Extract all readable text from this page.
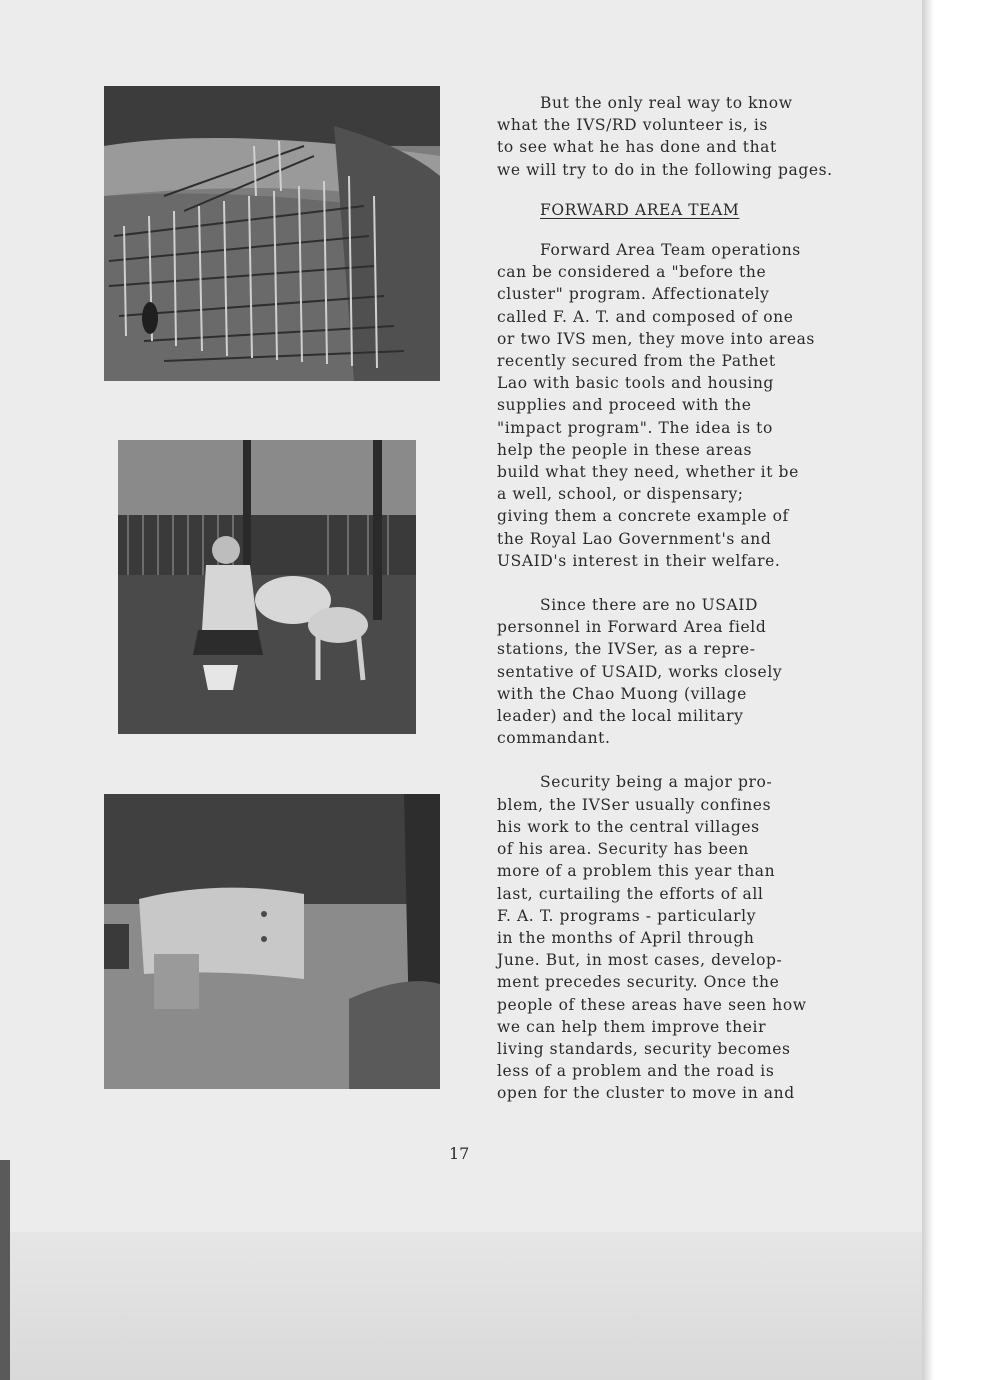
But the only real way to know
what the IVS/RD volunteer is, is
to see what he has done and that
we will try to do in the following pages.

FORWARD AREA TEAM

Forward Area Team operations
can be considered a "before the
cluster" program. Affectionately
called F. A. T. and composed of one
or two IVS men, they move into areas
recently secured from the Pathet
Lao with basic tools and housing
supplies and proceed with the
"impact program". The idea is to
help the people in these areas
build what they need, whether it be
a well, school, or dispensary;
giving them a concrete example of
the Royal Lao Government's and
USAID's interest in their welfare.

Since there are no USAID
personnel in Forward Area field
stations, the IVSer, as a repre-
sentative of USAID, works closely
with the Chao Muong (village
leader) and the local military
commandant.

Security being a major pro-
blem, the IVSer usually confines
his work to the central villages
of his area. Security has been
more of a problem this year than
last, curtailing the efforts of all
F. A. T. programs - particularly
in the months of April through
June. But, in most cases, develop-
ment precedes security. Once the
people of these areas have seen how
we can help them improve their
living standards, security becomes
less of a problem and the road is
open for the cluster to move in and

17
